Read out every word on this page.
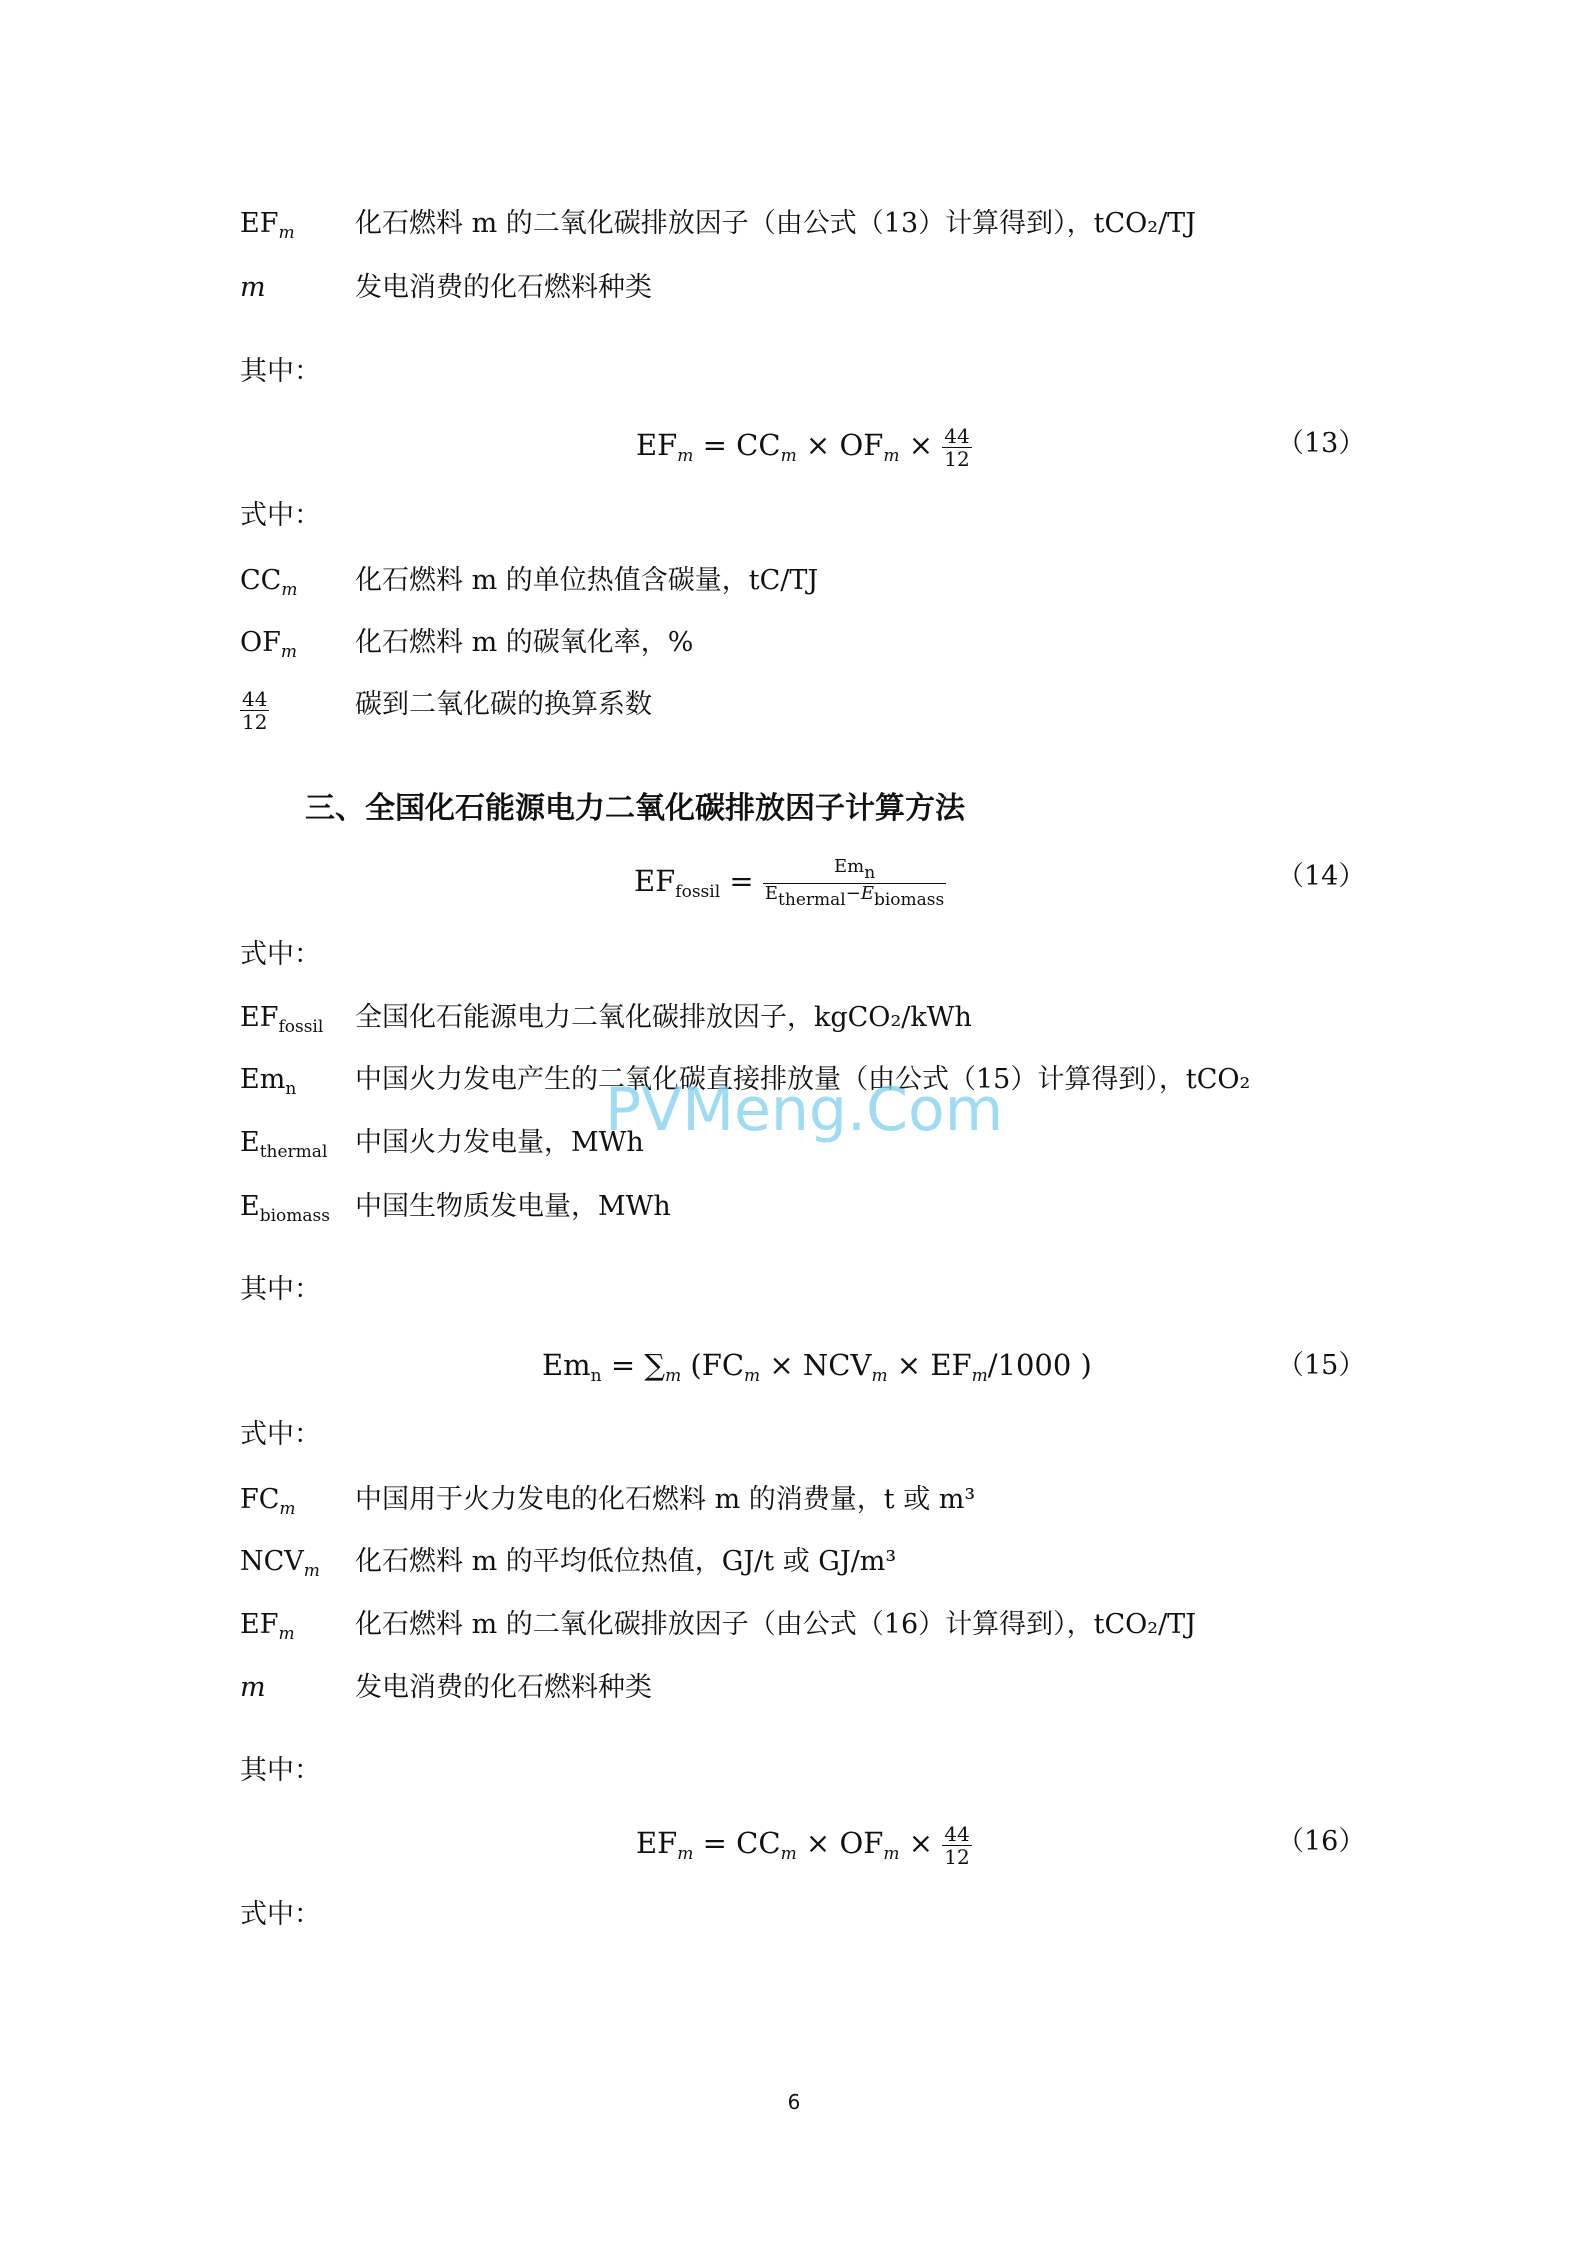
$EF_m$ 化石燃料 m 的二氧化碳排放因子（由公式（13）计算得到），tCO₂/TJ
m	发电消费的化石燃料种类
其中：
$EF_m = CC_m \times OF_m \times \frac{44}{12}$	（13）
式中：
$CC_m$ 化石燃料 m 的单位热值含碳量，tC/TJ
$OF_m$ 化石燃料 m 的碳氧化率，%
$\frac{44}{12}$	碳到二氧化碳的换算系数
三、全国化石能源电力二氧化碳排放因子计算方法
$EF_{fossil} = \frac{\text{Emn}}{\text{Ethermal−Ebiomass}}$	（14）
式中：
$EF_{fossil}$ 全国化石能源电力二氧化碳排放因子，kgCO₂/kWh
$Em_n$ 中国火力发电产生的二氧化碳直接排放量（由公式（15）计算得到），tCO₂
$E_{thermal}$ 中国火力发电量，MWh
$E_{biomass}$ 中国生物质发电量，MWh
PVMeng.Com
其中：
$Em_n = \sum_m$ ($FC_m \times NCV_m \times EF_m/1000$ )	（15）
式中：
$FC_m$ 中国用于火力发电的化石燃料 m 的消费量，t 或 m³
$NCV_m$ 化石燃料 m 的平均低位热值，GJ/t 或 GJ/m³
$EF_m$ 化石燃料 m 的二氧化碳排放因子（由公式（16）计算得到），tCO₂/TJ
m	发电消费的化石燃料种类
其中：
$EF_m = CC_m \times OF_m \times \frac{44}{12}$	（16）
式中：
6
